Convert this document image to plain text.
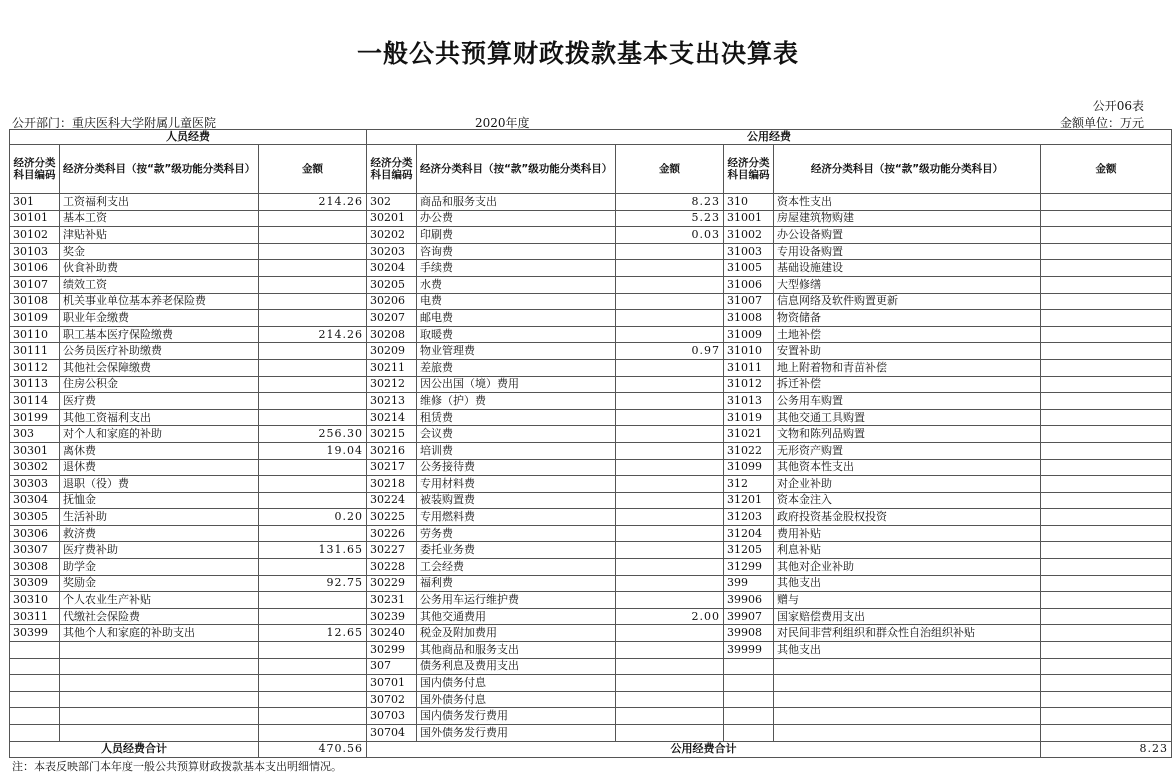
一般公共预算财政拨款基本支出决算表
公开06表
公开部门：重庆医科大学附属儿童医院	2020年度	金额单位：万元
人员经费			公用经费					
经济分类科目编码	经济分类科目（按“款”级功能分类科目）	金额	经济分类科目编码	经济分类科目（按“款”级功能分类科目）	金额	经济分类科目编码	经济分类科目（按“款”级功能分类科目）	金额
301	工资福利支出	214.26	302	商品和服务支出	8.23	310	资本性支出	
30101	基本工资		30201	办公费	5.23	31001	房屋建筑物购建	
30102	津贴补贴		30202	印刷费	0.03	31002	办公设备购置	
30103	奖金		30203	咨询费		31003	专用设备购置	
30106	伙食补助费		30204	手续费		31005	基础设施建设	
30107	绩效工资		30205	水费		31006	大型修缮	
30108	机关事业单位基本养老保险费		30206	电费		31007	信息网络及软件购置更新	
30109	职业年金缴费		30207	邮电费		31008	物资储备	
30110	职工基本医疗保险缴费	214.26	30208	取暖费		31009	土地补偿	
30111	公务员医疗补助缴费		30209	物业管理费	0.97	31010	安置补助	
30112	其他社会保障缴费		30211	差旅费		31011	地上附着物和青苗补偿	
30113	住房公积金		30212	因公出国（境）费用		31012	拆迁补偿	
30114	医疗费		30213	维修（护）费		31013	公务用车购置	
30199	其他工资福利支出		30214	租赁费		31019	其他交通工具购置	
303	对个人和家庭的补助	256.30	30215	会议费		31021	文物和陈列品购置	
30301	离休费	19.04	30216	培训费		31022	无形资产购置	
30302	退休费		30217	公务接待费		31099	其他资本性支出	
30303	退职（役）费		30218	专用材料费		312	对企业补助	
30304	抚恤金		30224	被装购置费		31201	资本金注入	
30305	生活补助	0.20	30225	专用燃料费		31203	政府投资基金股权投资	
30306	救济费		30226	劳务费		31204	费用补贴	
30307	医疗费补助	131.65	30227	委托业务费		31205	利息补贴	
30308	助学金		30228	工会经费		31299	其他对企业补助	
30309	奖励金	92.75	30229	福利费		399	其他支出	
30310	个人农业生产补贴		30231	公务用车运行维护费		39906	赠与	
30311	代缴社会保险费		30239	其他交通费用	2.00	39907	国家赔偿费用支出	
30399	其他个人和家庭的补助支出	12.65	30240	税金及附加费用		39908	对民间非营利组织和群众性自治组织补贴	
			30299	其他商品和服务支出		39999	其他支出	
			307	债务利息及费用支出				
			30701	国内债务付息				
			30702	国外债务付息				
			30703	国内债务发行费用				
			30704	国外债务发行费用				
人员经费合计		470.56	公用经费合计					8.23
注：本表反映部门本年度一般公共预算财政拨款基本支出明细情况。
